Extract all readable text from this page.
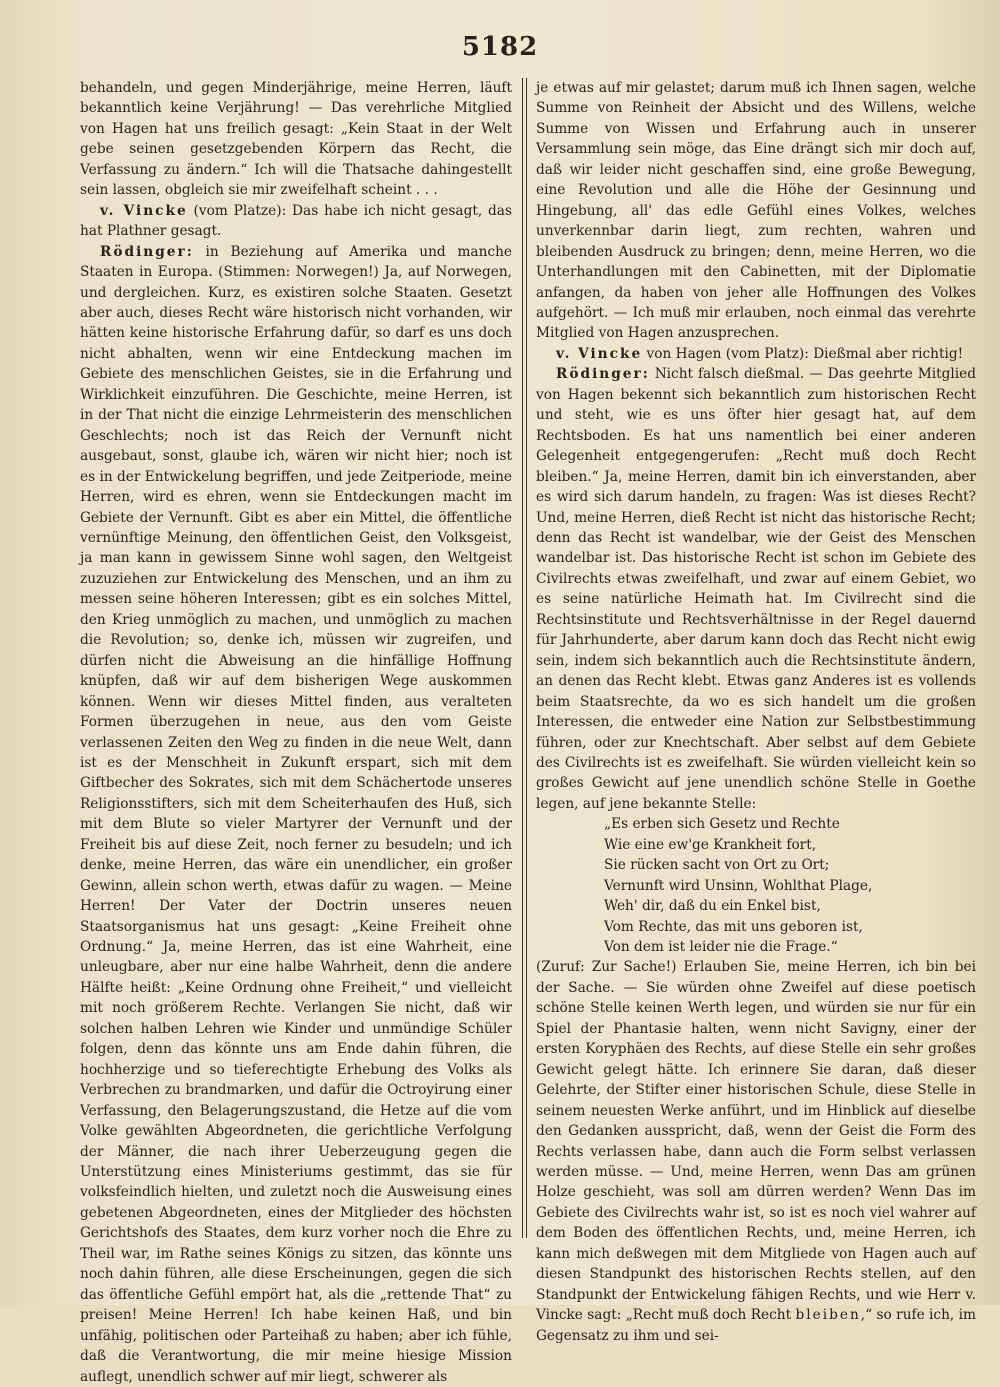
5182

behandeln, und gegen Minderjährige, meine Herren, läuft bekanntlich keine Verjährung! — Das verehrliche Mitglied von Hagen hat uns freilich gesagt: „Kein Staat in der Welt gebe seinen gesetzgebenden Körpern das Recht, die Verfassung zu ändern.“ Ich will die Thatsache dahingestellt sein lassen, obgleich sie mir zweifelhaft scheint . . .

v. Vincke (vom Platze): Das habe ich nicht gesagt, das hat Plathner gesagt.

Rödinger: in Beziehung auf Amerika und manche Staaten in Europa. (Stimmen: Norwegen!) Ja, auf Norwegen, und dergleichen. Kurz, es existiren solche Staaten. Gesetzt aber auch, dieses Recht wäre historisch nicht vorhanden, wir hätten keine historische Erfahrung dafür, so darf es uns doch nicht abhalten, wenn wir eine Entdeckung machen im Gebiete des menschlichen Geistes, sie in die Erfahrung und Wirklichkeit einzuführen. Die Geschichte, meine Herren, ist in der That nicht die einzige Lehrmeisterin des menschlichen Geschlechts; noch ist das Reich der Vernunft nicht ausgebaut, sonst, glaube ich, wären wir nicht hier; noch ist es in der Entwickelung begriffen, und jede Zeitperiode, meine Herren, wird es ehren, wenn sie Entdeckungen macht im Gebiete der Vernunft. Gibt es aber ein Mittel, die öffentliche vernünftige Meinung, den öffentlichen Geist, den Volksgeist, ja man kann in gewissem Sinne wohl sagen, den Weltgeist zuzuziehen zur Entwickelung des Menschen, und an ihm zu messen seine höheren Interessen; gibt es ein solches Mittel, den Krieg unmöglich zu machen, und unmöglich zu machen die Revolution; so, denke ich, müssen wir zugreifen, und dürfen nicht die Abweisung an die hinfällige Hoffnung knüpfen, daß wir auf dem bisherigen Wege auskommen können. Wenn wir dieses Mittel finden, aus veralteten Formen überzugehen in neue, aus den vom Geiste verlassenen Zeiten den Weg zu finden in die neue Welt, dann ist es der Menschheit in Zukunft erspart, sich mit dem Giftbecher des Sokrates, sich mit dem Schächertode unseres Religionsstifters, sich mit dem Scheiterhaufen des Huß, sich mit dem Blute so vieler Martyrer der Vernunft und der Freiheit bis auf diese Zeit, noch ferner zu besudeln; und ich denke, meine Herren, das wäre ein unendlicher, ein großer Gewinn, allein schon werth, etwas dafür zu wagen. — Meine Herren! Der Vater der Doctrin unseres neuen Staatsorganismus hat uns gesagt: „Keine Freiheit ohne Ordnung.“ Ja, meine Herren, das ist eine Wahrheit, eine unleugbare, aber nur eine halbe Wahrheit, denn die andere Hälfte heißt: „Keine Ordnung ohne Freiheit,“ und vielleicht mit noch größerem Rechte. Verlangen Sie nicht, daß wir solchen halben Lehren wie Kinder und unmündige Schüler folgen, denn das könnte uns am Ende dahin führen, die hochherzige und so tieferechtigte Erhebung des Volks als Verbrechen zu brandmarken, und dafür die Octroyirung einer Verfassung, den Belagerungszustand, die Hetze auf die vom Volke gewählten Abgeordneten, die gerichtliche Verfolgung der Männer, die nach ihrer Ueberzeugung gegen die Unterstützung eines Ministeriums gestimmt, das sie für volksfeindlich hielten, und zuletzt noch die Ausweisung eines gebetenen Abgeordneten, eines der Mitglieder des höchsten Gerichtshofs des Staates, dem kurz vorher noch die Ehre zu Theil war, im Rathe seines Königs zu sitzen, das könnte uns noch dahin führen, alle diese Erscheinungen, gegen die sich das öffentliche Gefühl empört hat, als die „rettende That“ zu preisen! Meine Herren! Ich habe keinen Haß, und bin unfähig, politischen oder Parteihaß zu haben; aber ich fühle, daß die Verantwortung, die mir meine hiesige Mission auflegt, unendlich schwer auf mir liegt, schwerer als

je etwas auf mir gelastet; darum muß ich Ihnen sagen, welche Summe von Reinheit der Absicht und des Willens, welche Summe von Wissen und Erfahrung auch in unserer Versammlung sein möge, das Eine drängt sich mir doch auf, daß wir leider nicht geschaffen sind, eine große Bewegung, eine Revolution und alle die Höhe der Gesinnung und Hingebung, all' das edle Gefühl eines Volkes, welches unverkennbar darin liegt, zum rechten, wahren und bleibenden Ausdruck zu bringen; denn, meine Herren, wo die Unterhandlungen mit den Cabinetten, mit der Diplomatie anfangen, da haben von jeher alle Hoffnungen des Volkes aufgehört. — Ich muß mir erlauben, noch einmal das verehrte Mitglied von Hagen anzusprechen.

v. Vincke von Hagen (vom Platz): Dießmal aber richtig!

Rödinger: Nicht falsch dießmal. — Das geehrte Mitglied von Hagen bekennt sich bekanntlich zum historischen Recht und steht, wie es uns öfter hier gesagt hat, auf dem Rechtsboden. Es hat uns namentlich bei einer anderen Gelegenheit entgegengerufen: „Recht muß doch Recht bleiben.“ Ja, meine Herren, damit bin ich einverstanden, aber es wird sich darum handeln, zu fragen: Was ist dieses Recht? Und, meine Herren, dieß Recht ist nicht das historische Recht; denn das Recht ist wandelbar, wie der Geist des Menschen wandelbar ist. Das historische Recht ist schon im Gebiete des Civilrechts etwas zweifelhaft, und zwar auf einem Gebiet, wo es seine natürliche Heimath hat. Im Civilrecht sind die Rechtsinstitute und Rechtsverhältnisse in der Regel dauernd für Jahrhunderte, aber darum kann doch das Recht nicht ewig sein, indem sich bekanntlich auch die Rechtsinstitute ändern, an denen das Recht klebt. Etwas ganz Anderes ist es vollends beim Staatsrechte, da wo es sich handelt um die großen Interessen, die entweder eine Nation zur Selbstbestimmung führen, oder zur Knechtschaft. Aber selbst auf dem Gebiete des Civilrechts ist es zweifelhaft. Sie würden vielleicht kein so großes Gewicht auf jene unendlich schöne Stelle in Goethe legen, auf jene bekannte Stelle:

„Es erben sich Gesetz und Rechte
Wie eine ew'ge Krankheit fort,
Sie rücken sacht von Ort zu Ort;
Vernunft wird Unsinn, Wohlthat Plage,
Weh' dir, daß du ein Enkel bist,
Vom Rechte, das mit uns geboren ist,
Von dem ist leider nie die Frage.“

(Zuruf: Zur Sache!) Erlauben Sie, meine Herren, ich bin bei der Sache. — Sie würden ohne Zweifel auf diese poetisch schöne Stelle keinen Werth legen, und würden sie nur für ein Spiel der Phantasie halten, wenn nicht Savigny, einer der ersten Koryphäen des Rechts, auf diese Stelle ein sehr großes Gewicht gelegt hätte. Ich erinnere Sie daran, daß dieser Gelehrte, der Stifter einer historischen Schule, diese Stelle in seinem neuesten Werke anführt, und im Hinblick auf dieselbe den Gedanken ausspricht, daß, wenn der Geist die Form des Rechts verlassen habe, dann auch die Form selbst verlassen werden müsse. — Und, meine Herren, wenn Das am grünen Holze geschieht, was soll am dürren werden? Wenn Das im Gebiete des Civilrechts wahr ist, so ist es noch viel wahrer auf dem Boden des öffentlichen Rechts, und, meine Herren, ich kann mich deßwegen mit dem Mitgliede von Hagen auch auf diesen Standpunkt des historischen Rechts stellen, auf den Standpunkt der Entwickelung fähigen Rechts, und wie Herr v. Vincke sagt: „Recht muß doch Recht bleiben,“ so rufe ich, im Gegensatz zu ihm und sei-
